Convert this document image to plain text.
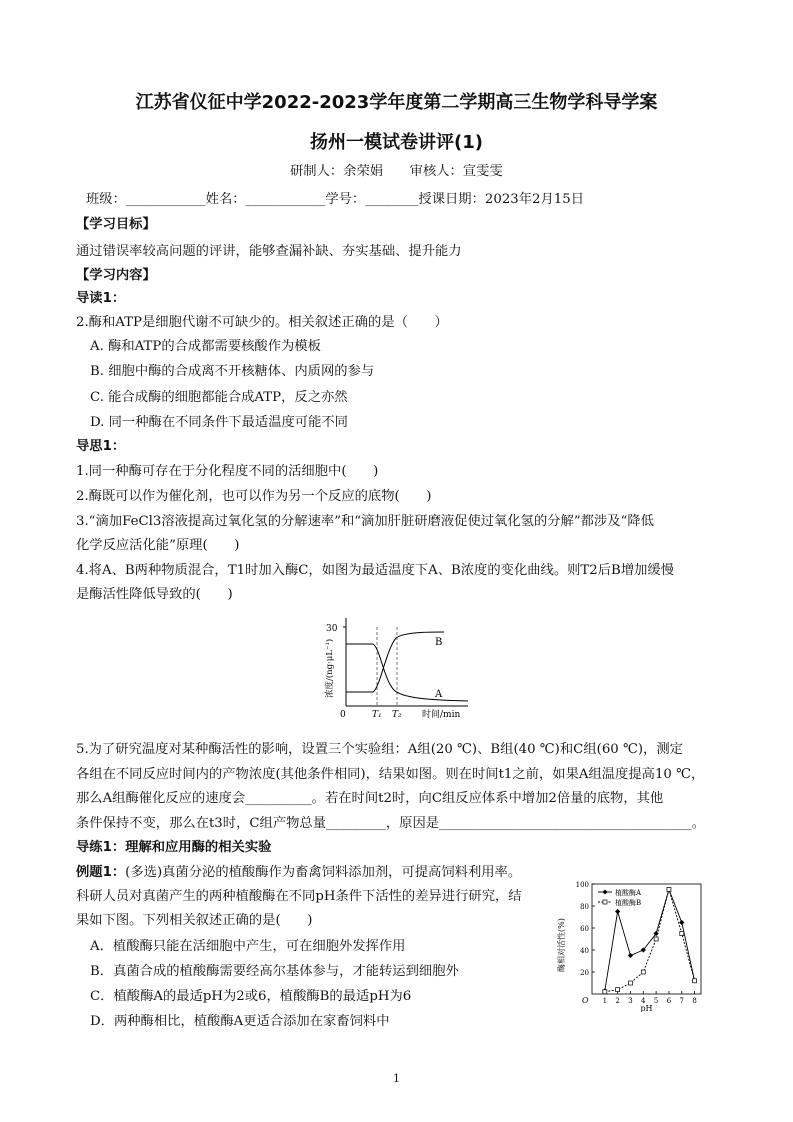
江苏省仪征中学2022-2023学年度第二学期高三生物学科导学案
扬州一模试卷讲评(1)
研制人：余荣娟　　审核人：宣雯雯
班级：____________姓名：____________学号：________授课日期：2023年2月15日
【学习目标】
通过错误率较高问题的评讲，能够查漏补缺、夯实基础、提升能力
【学习内容】
导读1：
2.酶和ATP是细胞代谢不可缺少的。相关叙述正确的是（　　）
A. 酶和ATP的合成都需要核酸作为模板
B. 细胞中酶的合成离不开核糖体、内质网的参与
C. 能合成酶的细胞都能合成ATP，反之亦然
D. 同一种酶在不同条件下最适温度可能不同
导思1：
1.同一种酶可存在于分化程度不同的活细胞中(　　)
2.酶既可以作为催化剂，也可以作为另一个反应的底物(　　)
3.“滴加FeCl3溶液提高过氧化氢的分解速率”和“滴加肝脏研磨液促使过氧化氢的分解”都涉及“降低
化学反应活化能”原理(　　)
4.将A、B两种物质混合，T1时加入酶C，如图为最适温度下A、B浓度的变化曲线。则T2后B增加缓慢
是酶活性降低导致的(　　)
30
B
A
0	T₁ T₂ 时间/min
浓度/(ng·μL⁻¹)
5.为了研究温度对某种酶活性的影响，设置三个实验组：A组(20 ℃)、B组(40 ℃)和C组(60 ℃)，测定
各组在不同反应时间内的产物浓度(其他条件相同)，结果如图。则在时间t1之前，如果A组温度提高10 ℃，
那么A组酶催化反应的速度会__________。若在时间t2时，向C组反应体系中增加2倍量的底物，其他
条件保持不变，那么在t3时，C组产物总量_________，原因是______________________________________。
导练1：理解和应用酶的相关实验
例题1：(多选)真菌分泌的植酸酶作为畜禽饲料添加剂，可提高饲料利用率。
科研人员对真菌产生的两种植酸酶在不同pH条件下活性的差异进行研究，结
果如下图。下列相关叙述正确的是(　　)
A．植酸酶只能在活细胞中产生，可在细胞外发挥作用
B．真菌合成的植酸酶需要经高尔基体参与，才能转运到细胞外
C．植酸酶A的最适pH为2或6，植酸酶B的最适pH为6
D．两种酶相比，植酸酶A更适合添加在家畜饲料中
20
40
60
80
100
1 2 3 4 5 6 7 8
O
pH
植酸酶A
植酸酶B
酶相对活性(%)
1
